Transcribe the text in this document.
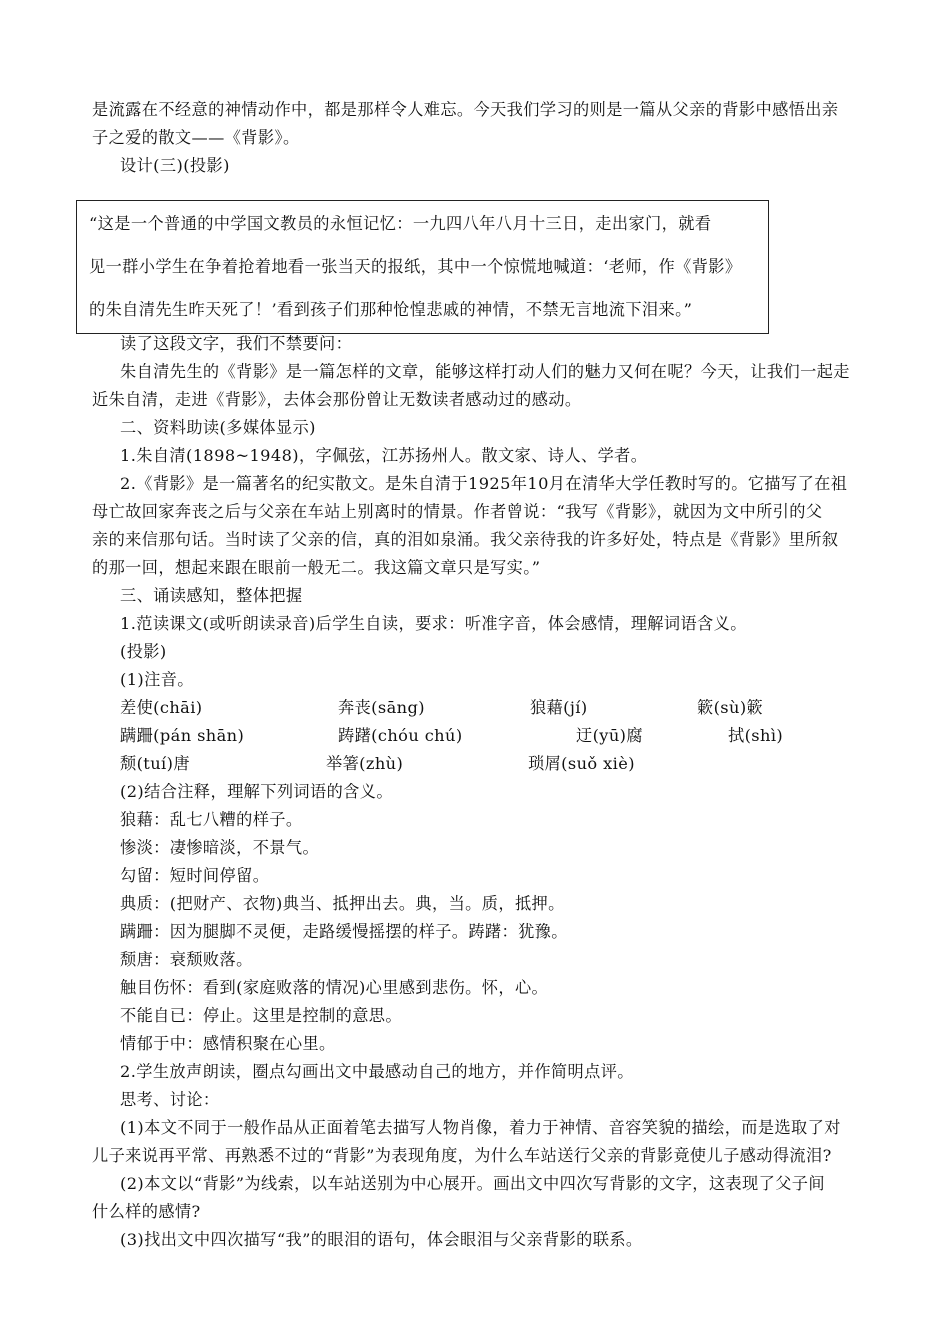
是流露在不经意的神情动作中，都是那样令人难忘。今天我们学习的则是一篇从父亲的背影中感悟出亲
子之爱的散文——《背影》。
设计(三)(投影)
“这是一个普通的中学国文教员的永恒记忆：一九四八年八月十三日，走出家门，就看
见一群小学生在争着抢着地看一张当天的报纸，其中一个惊慌地喊道：‘老师，作《背影》
的朱自清先生昨天死了！’看到孩子们那种怆惶悲戚的神情，不禁无言地流下泪来。”
读了这段文字，我们不禁要问：
朱自清先生的《背影》是一篇怎样的文章，能够这样打动人们的魅力又何在呢？今天，让我们一起走
近朱自清，走进《背影》，去体会那份曾让无数读者感动过的感动。
二、资料助读(多媒体显示)
1.朱自清(1898~1948)，字佩弦，江苏扬州人。散文家、诗人、学者。
2.《背影》是一篇著名的纪实散文。是朱自清于1925年10月在清华大学任教时写的。它描写了在祖
母亡故回家奔丧之后与父亲在车站上别离时的情景。作者曾说：“我写《背影》，就因为文中所引的父
亲的来信那句话。当时读了父亲的信，真的泪如泉涌。我父亲待我的许多好处，特点是《背影》里所叙
的那一回，想起来跟在眼前一般无二。我这篇文章只是写实。”
三、诵读感知，整体把握
1.范读课文(或听朗读录音)后学生自读，要求：听准字音，体会感情，理解词语含义。
(投影)
(1)注音。
差使(chāi)	奔丧(sāng)	狼藉(jí)	簌(sù)簌
蹒跚(pán shān)	踌躇(chóu chú)	迂(yū)腐	拭(shì)
颓(tuí)唐	举箸(zhù)	琐屑(suǒ xiè)
(2)结合注释，理解下列词语的含义。
狼藉：乱七八糟的样子。
惨淡：凄惨暗淡，不景气。
勾留：短时间停留。
典质：(把财产、衣物)典当、抵押出去。典，当。质，抵押。
蹒跚：因为腿脚不灵便，走路缓慢摇摆的样子。踌躇：犹豫。
颓唐：衰颓败落。
触目伤怀：看到(家庭败落的情况)心里感到悲伤。怀，心。
不能自已：停止。这里是控制的意思。
情郁于中：感情积聚在心里。
2.学生放声朗读，圈点勾画出文中最感动自己的地方，并作简明点评。
思考、讨论：
(1)本文不同于一般作品从正面着笔去描写人物肖像，着力于神情、音容笑貌的描绘，而是选取了对
儿子来说再平常、再熟悉不过的“背影”为表现角度，为什么车站送行父亲的背影竟使儿子感动得流泪?
(2)本文以“背影”为线索，以车站送别为中心展开。画出文中四次写背影的文字，这表现了父子间
什么样的感情?
(3)找出文中四次描写“我”的眼泪的语句，体会眼泪与父亲背影的联系。
